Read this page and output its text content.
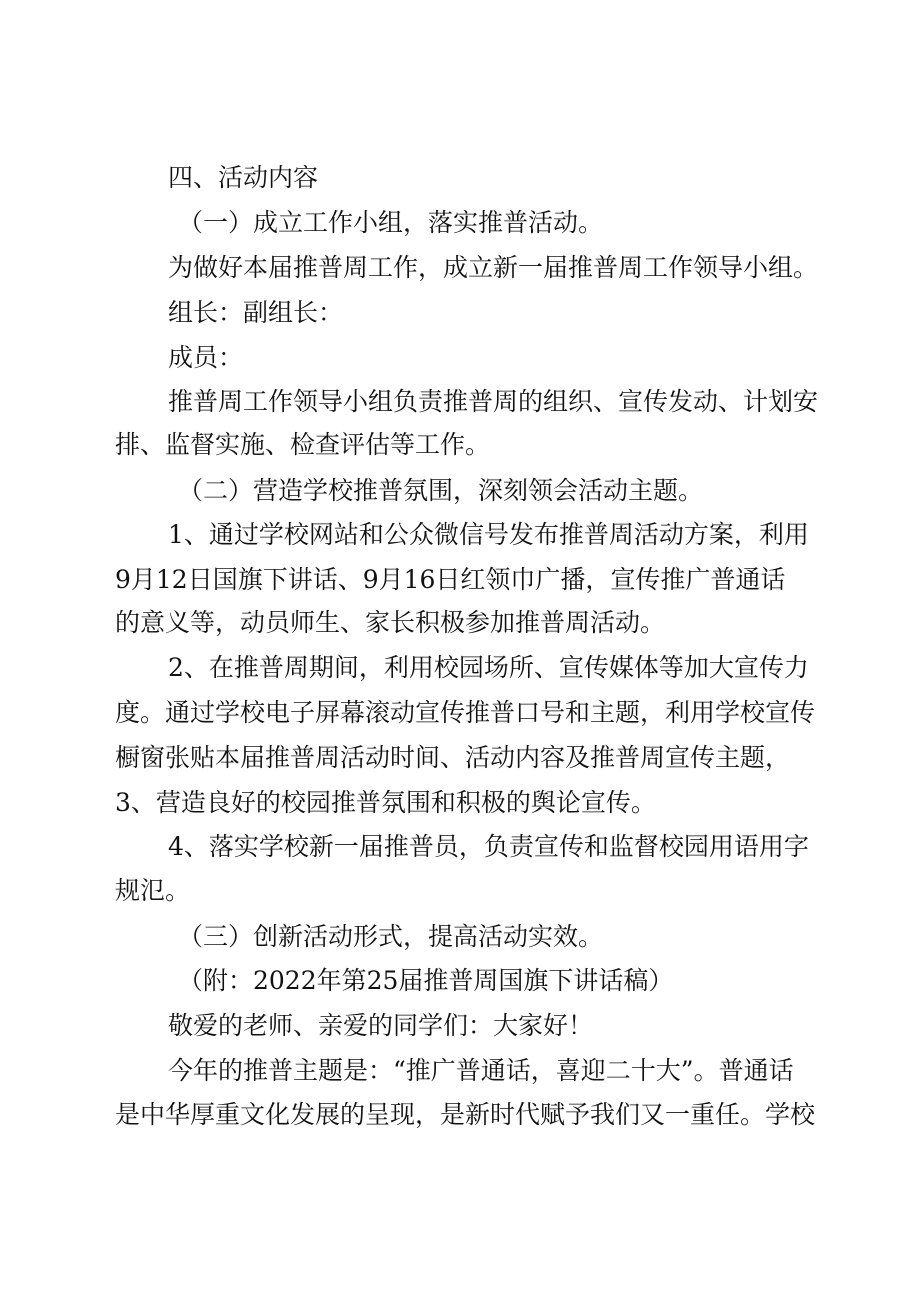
四、活动内容

（一）成立工作小组，落实推普活动。

为做好本届推普周工作，成立新一届推普周工作领导小组。

组长：副组长：

成员：

推普周工作领导小组负责推普周的组织、宣传发动、计划安

排、监督实施、检查评估等工作。

（二）营造学校推普氛围，深刻领会活动主题。

1、通过学校网站和公众微信号发布推普周活动方案，利用

9月12日国旗下讲话、9月16日红领巾广播，宣传推广普通话

的意义等，动员师生、家长积极参加推普周活动。

2、在推普周期间，利用校园场所、宣传媒体等加大宣传力

度。通过学校电子屏幕滚动宣传推普口号和主题，利用学校宣传

橱窗张贴本届推普周活动时间、活动内容及推普周宣传主题，

3、营造良好的校园推普氛围和积极的舆论宣传。

4、落实学校新一届推普员，负责宣传和监督校园用语用字

规氾。

（三）创新活动形式，提高活动实效。

（附：2022年第25届推普周国旗下讲话稿）

敬爱的老师、亲爱的同学们：大家好！

今年的推普主题是：“推广普通话，喜迎二十大”。普通话

是中华厚重文化发展的呈现，是新时代赋予我们又一重任。学校
